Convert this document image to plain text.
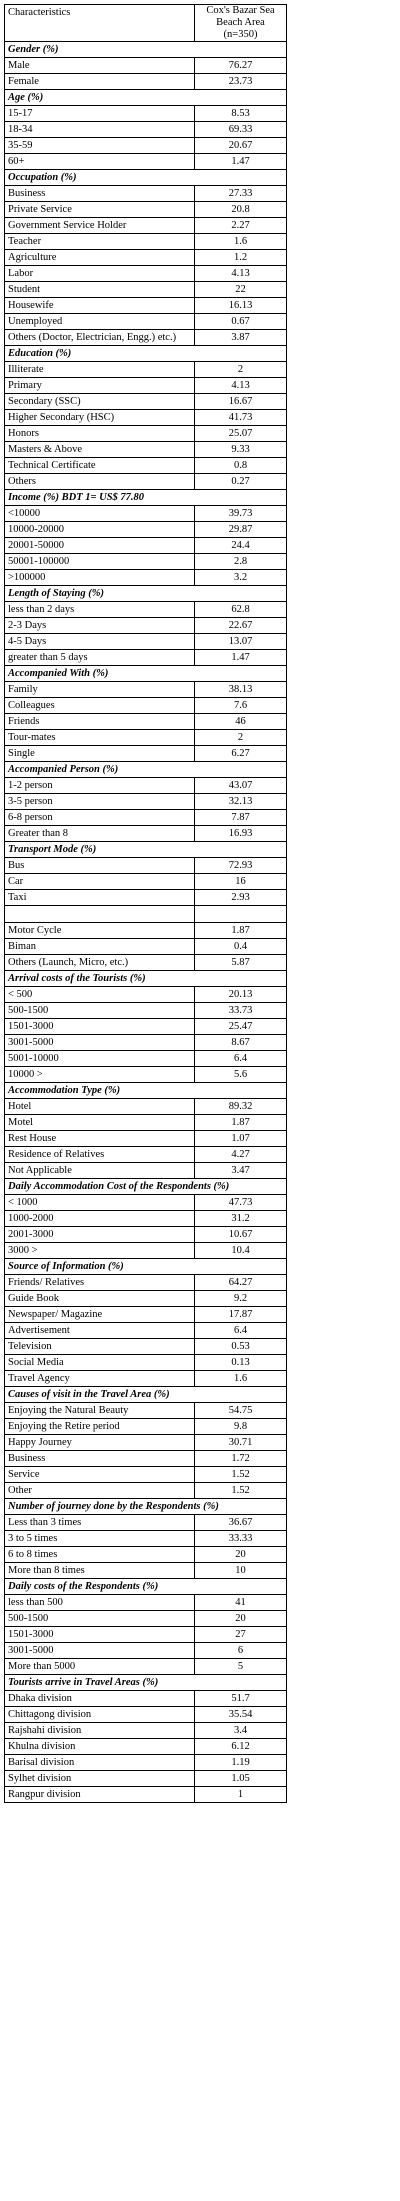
Characteristics	Cox's Bazar Sea Beach Area (n=350)
Gender (%)	
Male	76.27
Female	23.73
Age (%)	
15-17	8.53
18-34	69.33
35-59	20.67
60+	1.47
Occupation (%)	
Business	27.33
Private Service	20.8
Government Service Holder	2.27
Teacher	1.6
Agriculture	1.2
Labor	4.13
Student	22
Housewife	16.13
Unemployed	0.67
Others (Doctor, Electrician, Engg.) etc.)	3.87
Education (%)	
Illiterate	2
Primary	4.13
Secondary (SSC)	16.67
Higher Secondary (HSC)	41.73
Honors	25.07
Masters & Above	9.33
Technical Certificate	0.8
Others	0.27
Income (%) BDT 1= US$ 77.80	
<10000	39.73
10000-20000	29.87
20001-50000	24.4
50001-100000	2.8
>100000	3.2
Length of Staying (%)	
less than 2 days	62.8
2-3 Days	22.67
4-5 Days	13.07
greater than 5 days	1.47
Accompanied With (%)	
Family	38.13
Colleagues	7.6
Friends	46
Tour-mates	2
Single	6.27
Accompanied Person (%)	
1-2 person	43.07
3-5 person	32.13
6-8 person	7.87
Greater than 8	16.93
Transport Mode (%)	
Bus	72.93
Car	16
Taxi	2.93

Motor Cycle	1.87
Biman	0.4
Others (Launch, Micro, etc.)	5.87
Arrival costs of the Tourists (%)	
< 500	20.13
500-1500	33.73
1501-3000	25.47
3001-5000	8.67
5001-10000	6.4
10000 >	5.6
Accommodation Type (%)	
Hotel	89.32
Motel	1.87
Rest House	1.07
Residence of Relatives	4.27
Not Applicable	3.47
Daily Accommodation Cost of the Respondents (%)	
< 1000	47.73
1000-2000	31.2
2001-3000	10.67
3000 >	10.4
Source of Information (%)	
Friends/ Relatives	64.27
Guide Book	9.2
Newspaper/ Magazine	17.87
Advertisement	6.4
Television	0.53
Social Media	0.13
Travel Agency	1.6
Causes of visit in the Travel Area (%)	
Enjoying the Natural Beauty	54.75
Enjoying the Retire period	9.8
Happy Journey	30.71
Business	1.72
Service	1.52
Other	1.52
Number of journey done by the Respondents (%)	
Less than 3 times	36.67
3 to 5 times	33.33
6 to 8 times	20
More than 8 times	10
Daily costs of the Respondents (%)	
less than 500	41
500-1500	20
1501-3000	27
3001-5000	6
More than 5000	5
Tourists arrive in Travel Areas (%)	
Dhaka division	51.7
Chittagong division	35.54
Rajshahi division	3.4
Khulna division	6.12
Barisal division	1.19
Sylhet division	1.05
Rangpur division	1
